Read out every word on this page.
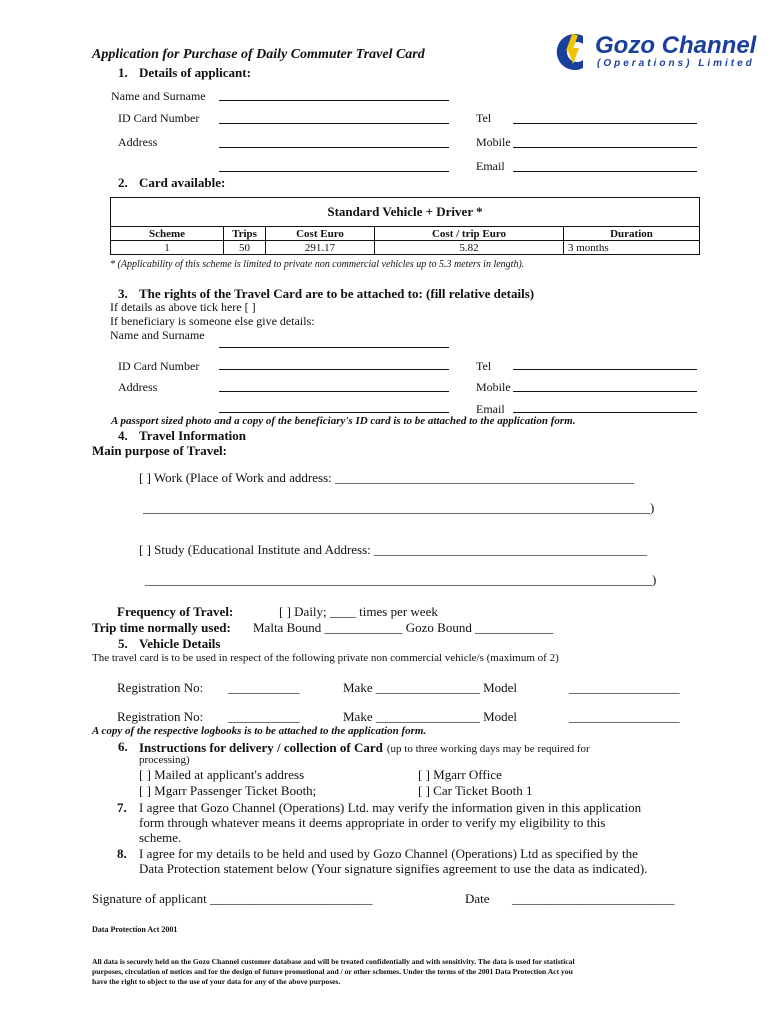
Application for Purchase of Daily Commuter Travel Card	Gozo Channel
(Operations) Limited
1. Details of applicant:
Name and Surname
ID Card Number	Tel
Address	Mobile
Email
2. Card available:
Standard Vehicle + Driver *				
Scheme	Trips	Cost Euro	Cost / trip Euro	Duration
1	50	291.17	5.82	3 months
* (Applicability of this scheme is limited to private non commercial vehicles up to 5.3 meters in length).
3. The rights of the Travel Card are to be attached to: (fill relative details)
If details as above tick here [ ]
If beneficiary is someone else give details:
Name and Surname
ID Card Number	Tel
Address	Mobile
Email
A passport sized photo and a copy of the beneficiary's ID card is to be attached to the application form.
4. Travel Information
Main purpose of Travel:
[ ] Work (Place of Work and address: ______________________________________________
______________________________________________________________________________)
[ ] Study (Educational Institute and Address: __________________________________________
______________________________________________________________________________)
Frequency of Travel:	[ ] Daily; ____ times per week
Trip time normally used: Malta Bound ____________ Gozo Bound ____________
5. Vehicle Details
The travel card is to be used in respect of the following private non commercial vehicle/s (maximum of 2)
Registration No: ___________	Make ________________ Model	_________________
Registration No: ___________	Make ________________ Model	_________________
A copy of the respective logbooks is to be attached to the application form.
6. Instructions for delivery / collection of Card (up to three working days may be required for
processing)
[ ] Mailed at applicant's address	[ ] Mgarr Office
[ ] Mgarr Passenger Ticket Booth;	[ ] Car Ticket Booth 1
7. I agree that Gozo Channel (Operations) Ltd. may verify the information given in this application
form through whatever means it deems appropriate in order to verify my eligibility to this
scheme.
8. I agree for my details to be held and used by Gozo Channel (Operations) Ltd as specified by the
Data Protection statement below (Your signature signifies agreement to use the data as indicated).
Signature of applicant _________________________	Date _________________________
Data Protection Act 2001
All data is securely held on the Gozo Channel customer database and will be treated confidentially and with sensitivity. The data is used for statistical
purposes, circulation of notices and for the design of future promotional and / or other schemes. Under the terms of the 2001 Data Protection Act you
have the right to object to the use of your data for any of the above purposes.
